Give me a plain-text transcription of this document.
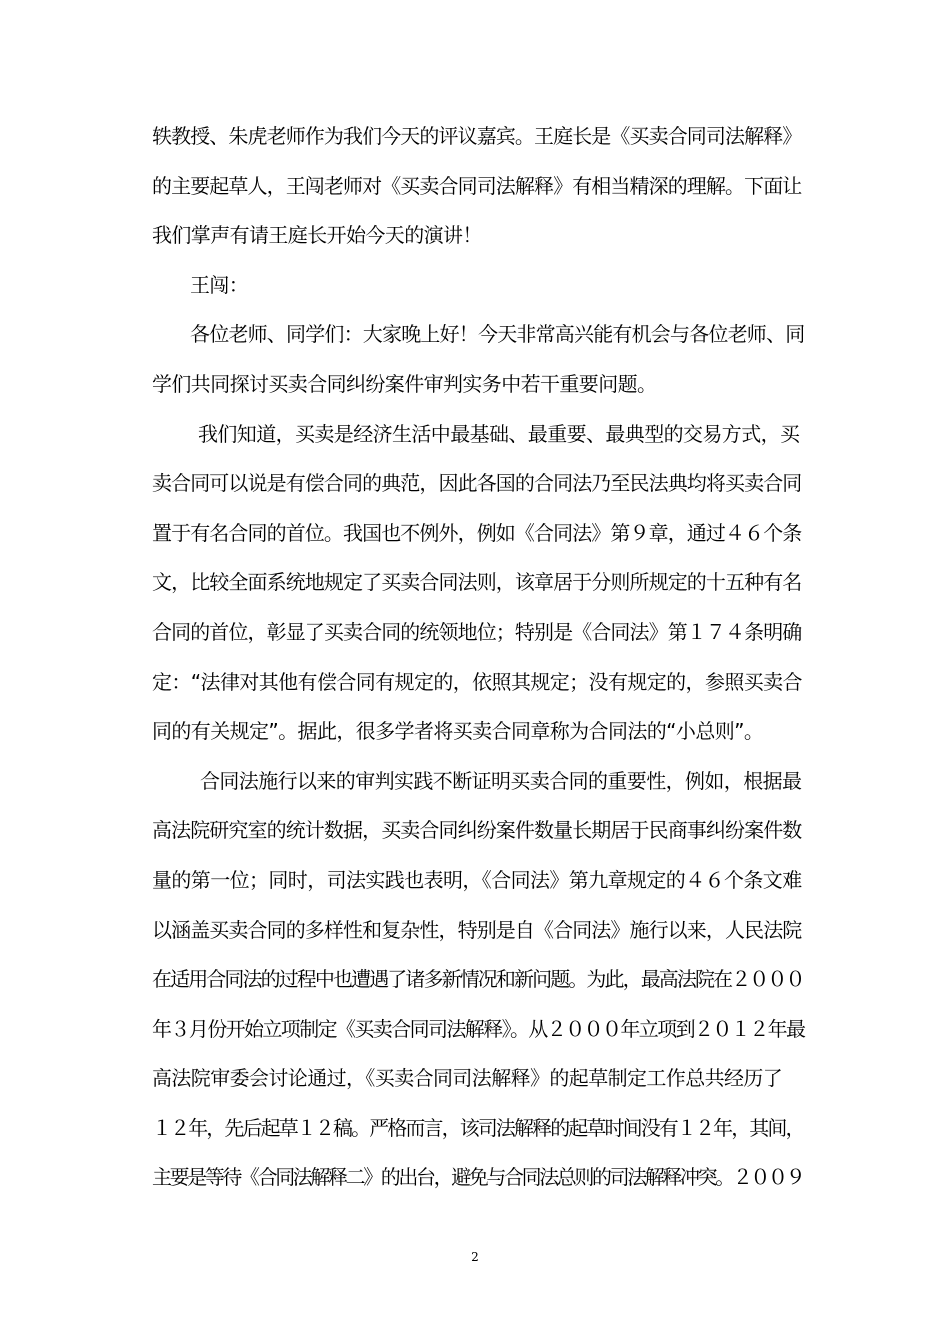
轶教授、朱虎老师作为我们今天的评议嘉宾。王庭长是《买卖合同司法解释》
的主要起草人，王闯老师对《买卖合同司法解释》有相当精深的理解。下面让
我们掌声有请王庭长开始今天的演讲！
王闯：
各位老师、同学们：大家晚上好！今天非常高兴能有机会与各位老师、同
学们共同探讨买卖合同纠纷案件审判实务中若干重要问题。
我们知道，买卖是经济生活中最基础、最重要、最典型的交易方式，买
卖合同可以说是有偿合同的典范，因此各国的合同法乃至民法典均将买卖合同
置于有名合同的首位。我国也不例外，例如《合同法》第９章，通过４６个条
文，比较全面系统地规定了买卖合同法则，该章居于分则所规定的十五种有名
合同的首位，彰显了买卖合同的统领地位；特别是《合同法》第１７４条明确
定：“法律对其他有偿合同有规定的，依照其规定；没有规定的，参照买卖合
同的有关规定”。据此，很多学者将买卖合同章称为合同法的“小总则”。
合同法施行以来的审判实践不断证明买卖合同的重要性，例如，根据最
高法院研究室的统计数据，买卖合同纠纷案件数量长期居于民商事纠纷案件数
量的第一位；同时，司法实践也表明，《合同法》第九章规定的４６个条文难
以涵盖买卖合同的多样性和复杂性，特别是自《合同法》施行以来，人民法院
在适用合同法的过程中也遭遇了诸多新情况和新问题。为此，最高法院在２０００
年３月份开始立项制定《买卖合同司法解释》。从２０００年立项到２０１２年最
高法院审委会讨论通过，《买卖合同司法解释》的起草制定工作总共经历了
１２年，先后起草１２稿。严格而言，该司法解释的起草时间没有１２年，其间，
主要是等待《合同法解释二》的出台，避免与合同法总则的司法解释冲突。２００９
2
